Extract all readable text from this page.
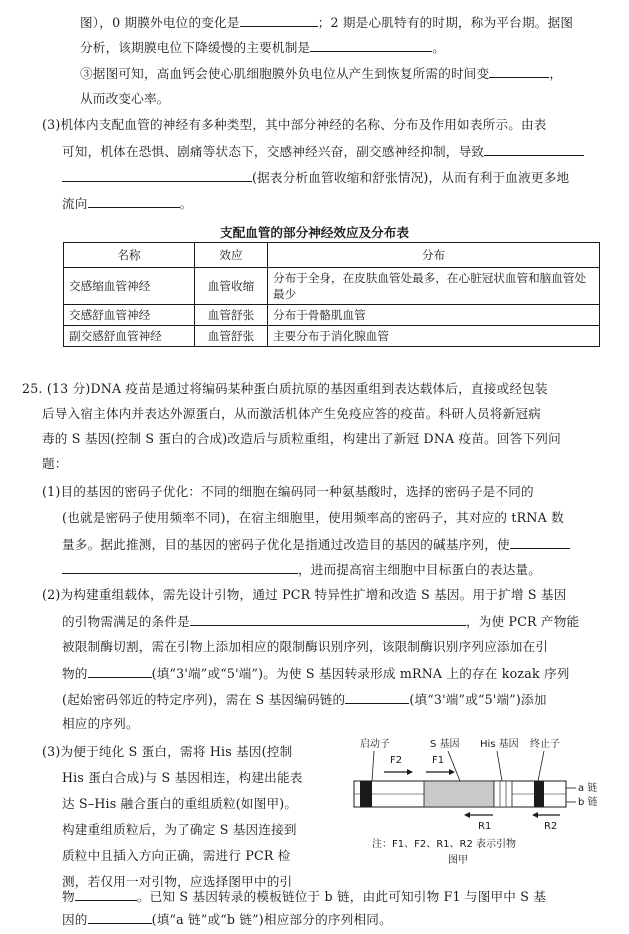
图），0 期膜外电位的变化是	；2 期是心肌特有的时期，称为平台期。据图
分析，该期膜电位下降缓慢的主要机制是	。
③据图可知，高血钙会使心肌细胞膜外负电位从产生到恢复所需的时间变	，
从而改变心率。
(3)机体内支配血管的神经有多种类型，其中部分神经的名称、分布及作用如表所示。由表
可知，机体在恐惧、剧痛等状态下，交感神经兴奋，副交感神经抑制，导致
(据表分析血管收缩和舒张情况)，从而有利于血液更多地
流向	。
支配血管的部分神经效应及分布表
名称	效应	分布
交感缩血管神经	血管收缩	分布于全身，在皮肤血管处最多，在心脏冠状血管和脑血管处最少
交感舒血管神经	血管舒张	分布于骨骼肌血管
副交感舒血管神经	血管舒张	主要分布于消化腺血管
25. (13 分)DNA 疫苗是通过将编码某种蛋白质抗原的基因重组到表达载体后，直接或经包装
后导入宿主体内并表达外源蛋白，从而激活机体产生免疫应答的疫苗。科研人员将新冠病
毒的 S 基因(控制 S 蛋白的合成)改造后与质粒重组，构建出了新冠 DNA 疫苗。回答下列问
题：
(1)目的基因的密码子优化：不同的细胞在编码同一种氨基酸时，选择的密码子是不同的
(也就是密码子使用频率不同)，在宿主细胞里，使用频率高的密码子，其对应的 tRNA 数
量多。据此推测，目的基因的密码子优化是指通过改造目的基因的碱基序列，使
，进而提高宿主细胞中目标蛋白的表达量。
(2)为构建重组载体，需先设计引物，通过 PCR 特异性扩增和改造 S 基因。用于扩增 S 基因
的引物需满足的条件是	，为使 PCR 产物能
被限制酶切割，需在引物上添加相应的限制酶识别序列，该限制酶识别序列应添加在引
物的	(填“3'端”或“5'端”)。为使 S 基因转录形成 mRNA 上的存在 kozak 序列
(起始密码邻近的特定序列)，需在 S 基因编码链的	(填“3'端”或“5'端”)添加
相应的序列。
(3)为便于纯化 S 蛋白，需将 His 基因(控制
His 蛋白合成)与 S 基因相连，构建出能表
达 S–His 融合蛋白的重组质粒(如图甲)。
构建重组质粒后，为了确定 S 基因连接到
质粒中且插入方向正确，需进行 PCR 检
测，若仅用一对引物，应选择图甲中的引
物	。已知 S 基因转录的模板链位于 b 链，由此可知引物 F1 与图甲中 S 基
因的	(填“a 链”或“b 链”)相应部分的序列相同。
启动子	S 基因 His 基因 终止子
F2	F1
a 链
b 链
R1	R2
注：F1、F2、R1、R2 表示引物
图甲
